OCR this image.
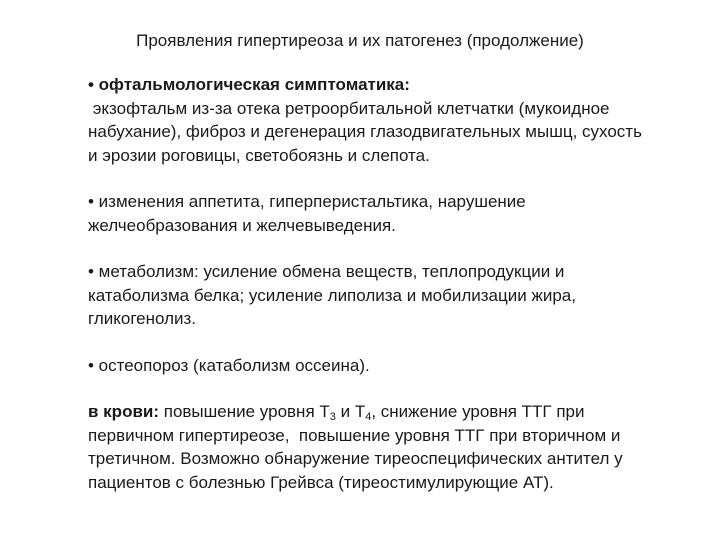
Проявления гипертиреоза и их патогенез (продолжение)

• офтальмологическая симптоматика:

экзофтальм из-за отека ретроорбитальной клетчатки (мукоидное

набухание), фиброз и дегенерация глазодвигательных мышц, сухость

и эрозии роговицы, светобоязнь и слепота.

• изменения аппетита, гиперперистальтика, нарушение

желчеобразования и желчевыведения.

• метаболизм: усиление обмена веществ, теплопродукции и

катаболизма белка; усиление липолиза и мобилизации жира,

гликогенолиз.

• остеопороз (катаболизм оссеина).

в крови: повышение уровня $Т_3$ и $Т_4$, снижение уровня ТТГ при

первичном гипертиреозе,  повышение уровня ТТГ при вторичном и

третичном. Возможно обнаружение тиреоспецифических антител у

пациентов с болезнью Грейвса (тиреостимулирующие АТ).
